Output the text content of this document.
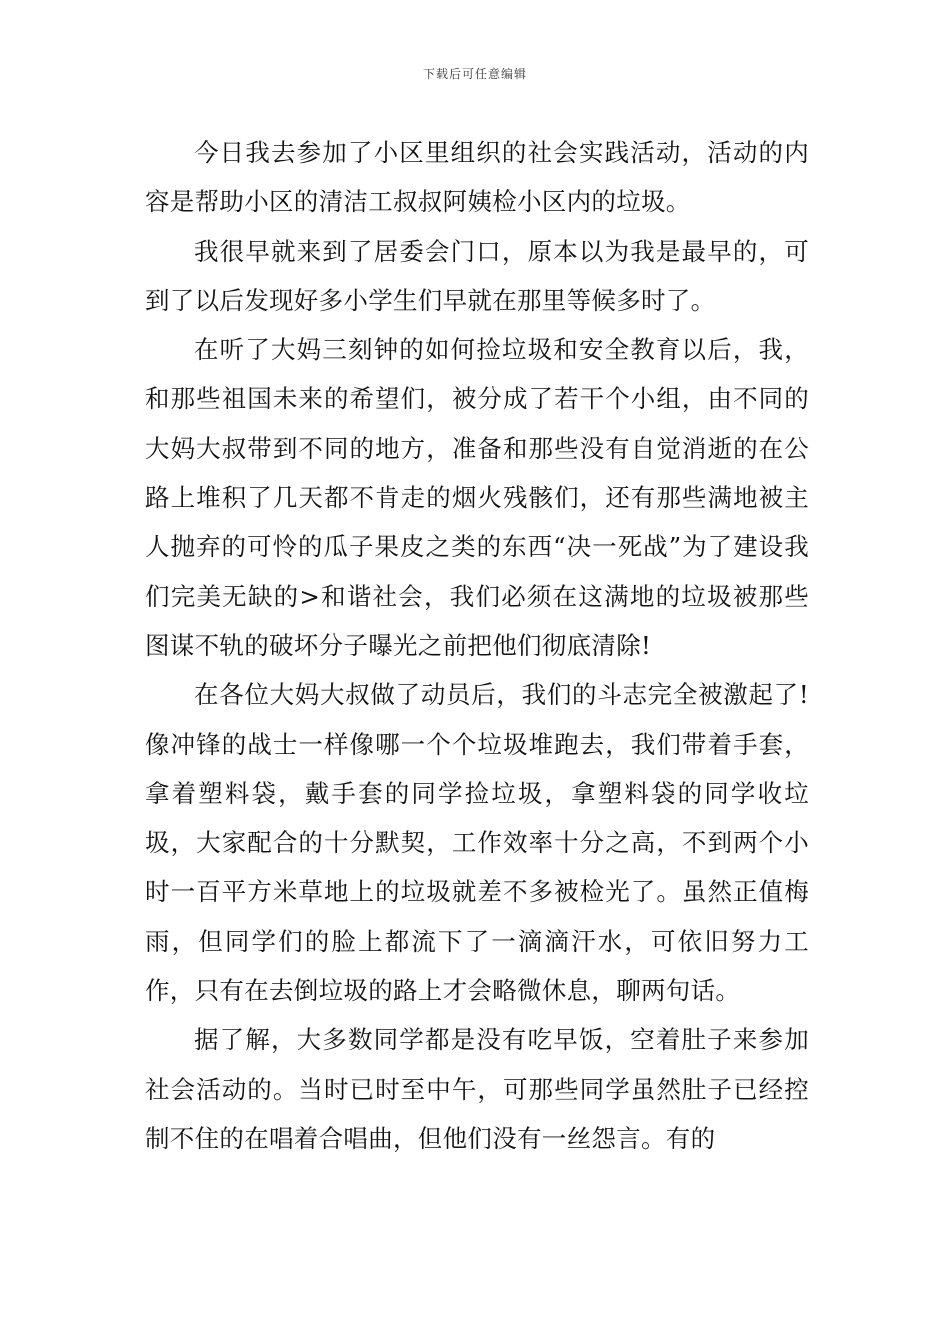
下载后可任意编辑

今日我去参加了小区里组织的社会实践活动，活动的内容是帮助小区的清洁工叔叔阿姨检小区内的垃圾。

我很早就来到了居委会门口，原本以为我是最早的，可到了以后发现好多小学生们早就在那里等候多时了。

在听了大妈三刻钟的如何捡垃圾和安全教育以后，我，和那些祖国未来的希望们，被分成了若干个小组，由不同的大妈大叔带到不同的地方，准备和那些没有自觉消逝的在公路上堆积了几天都不肯走的烟火残骸们，还有那些满地被主人抛弃的可怜的瓜子果皮之类的东西“决一死战”为了建设我们完美无缺的>和谐社会，我们必须在这满地的垃圾被那些图谋不轨的破坏分子曝光之前把他们彻底清除!

在各位大妈大叔做了动员后，我们的斗志完全被激起了!像冲锋的战士一样像哪一个个垃圾堆跑去，我们带着手套，拿着塑料袋，戴手套的同学捡垃圾，拿塑料袋的同学收垃圾，大家配合的十分默契，工作效率十分之高，不到两个小时一百平方米草地上的垃圾就差不多被检光了。虽然正值梅雨，但同学们的脸上都流下了一滴滴汗水，可依旧努力工作，只有在去倒垃圾的路上才会略微休息，聊两句话。

据了解，大多数同学都是没有吃早饭，空着肚子来参加社会活动的。当时已时至中午，可那些同学虽然肚子已经控制不住的在唱着合唱曲，但他们没有一丝怨言。有的
